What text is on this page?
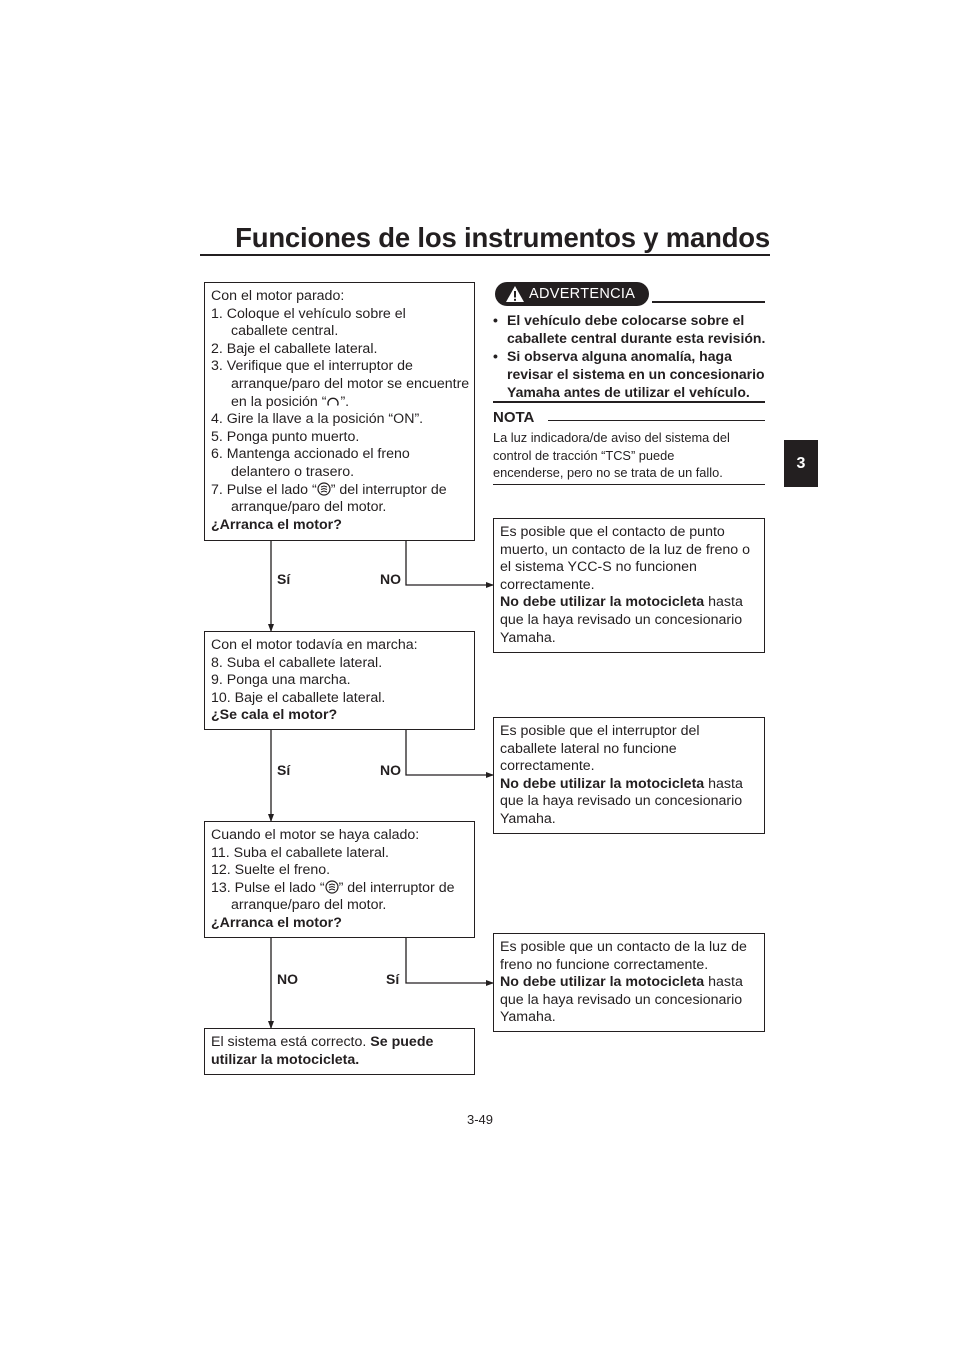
Funciones de los instrumentos y mandos
3
Con el motor parado:
1. Coloque el vehículo sobre el
caballete central.
2. Baje el caballete lateral.
3. Verifique que el interruptor de
arranque/paro del motor se encuentre
en la posición “ ”.
4. Gire la llave a la posición “ON”.
5. Ponga punto muerto.
6. Mantenga accionado el freno
delantero o trasero.
7. Pulse el lado “ ” del interruptor de
arranque/paro del motor.
¿Arranca el motor?
Con el motor todavía en marcha:
8. Suba el caballete lateral.
9. Ponga una marcha.
10. Baje el caballete lateral.
¿Se cala el motor?
Cuando el motor se haya calado:
11. Suba el caballete lateral.
12. Suelte el freno.
13. Pulse el lado “ ” del interruptor de
arranque/paro del motor.
¿Arranca el motor?
El sistema está correcto. Se puede
utilizar la motocicleta.
Sí	NO
Sí	NO
NO	Sí
Es posible que el contacto de punto
muerto, un contacto de la luz de freno o
el sistema YCC-S no funcionen
correctamente.
No debe utilizar la motocicleta hasta
que la haya revisado un concesionario
Yamaha.
Es posible que el interruptor del
caballete lateral no funcione
correctamente.
No debe utilizar la motocicleta hasta
que la haya revisado un concesionario
Yamaha.
Es posible que un contacto de la luz de
freno no funcione correctamente.
No debe utilizar la motocicleta hasta
que la haya revisado un concesionario
Yamaha.
ADVERTENCIA
• El vehículo debe colocarse sobre el
caballete central durante esta revisión.
• Si observa alguna anomalía, haga
revisar el sistema en un concesionario
Yamaha antes de utilizar el vehículo.
NOTA
La luz indicadora/de aviso del sistema del
control de tracción “TCS” puede
encenderse, pero no se trata de un fallo.
3-49
